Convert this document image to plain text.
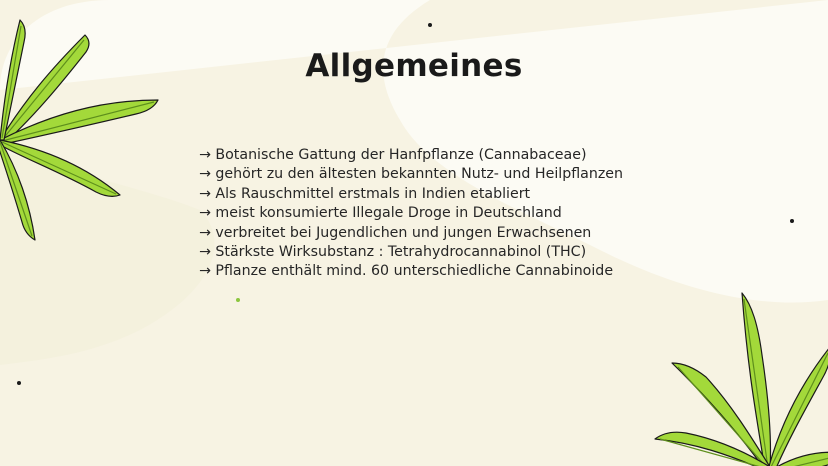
Allgemeines
→ Botanische Gattung der Hanfpflanze (Cannabaceae)
→ gehört zu den ältesten bekannten Nutz- und Heilpflanzen
→ Als Rauschmittel erstmals in Indien etabliert
→ meist konsumierte Illegale Droge in Deutschland
→ verbreitet bei Jugendlichen und jungen Erwachsenen
→ Stärkste Wirksubstanz : Tetrahydrocannabinol (THC)
→ Pflanze enthält mind. 60 unterschiedliche Cannabinoide
